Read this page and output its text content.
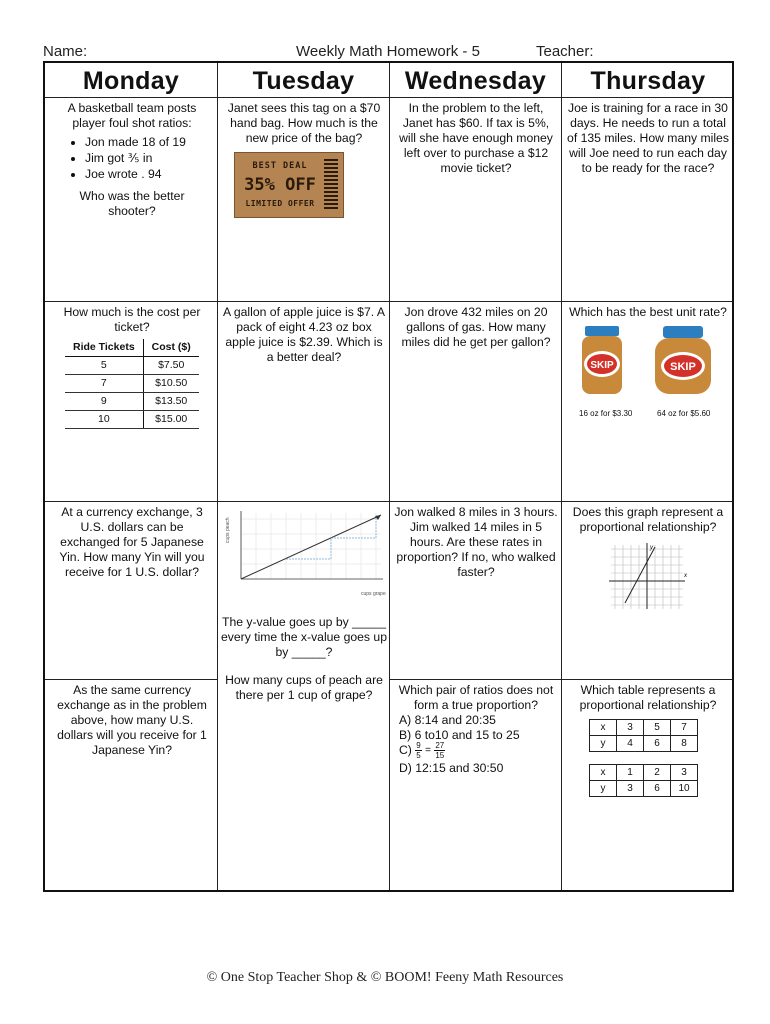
Name:	Weekly Math Homework - 5	Teacher:
Monday	Tuesday	Wednesday	Thursday

A basketball team posts player foul shot ratios:

• Jon made 18 of 19
• Jim got ⅗ in
• Joe wrote . 94

Who was the better shooter?

Janet sees this tag on a $70 hand bag. How much is the new price of the bag?

BEST DEAL
35% OFF
LIMITED OFFER

In the problem to the left, Janet has $60. If tax is 5%, will she have enough money left over to purchase a $12 movie ticket?

Joe is training for a race in 30 days. He needs to run a total of 135 miles. How many miles will Joe need to run each day to be ready for the race?

How much is the cost per ticket?

Ride Tickets	Cost ($)
5	$7.50
7	$10.50
9	$13.50
10	$15.00

A gallon of apple juice is $7. A pack of eight 4.23 oz box apple juice is $2.39. Which is a better deal?

Jon drove 432 miles on 20 gallons of gas. How many miles did he get per gallon?

Which has the best unit rate?

SKIP	SKIP
16 oz for $3.30	64 oz for $5.60

At a currency exchange, 3 U.S. dollars can be exchanged for 5 Japanese Yin. How many Yin will you receive for 1 U.S. dollar?

cups peach
cups grape

The y-value goes up by _____ every time the x-value goes up by _____?

How many cups of peach are there per 1 cup of grape?

Jon walked 8 miles in 3 hours. Jim walked 14 miles in 5 hours. Are these rates in proportion? If no, who walked faster?

Does this graph represent a proportional relationship?

y
x

As the same currency exchange as in the problem above, how many U.S. dollars will you receive for 1 Japanese Yin?

Which pair of ratios does not form a true proportion?

A) 8:14 and 20:35
B) 6 to10 and 15 to 25
$C) \frac{9}{5} = \frac{27}{15}$
D) 12:15 and 30:50

Which table represents a proportional relationship?

x	3	5	7
y	4	6	8
x	1	2	3
y	3	6	10
© One Stop Teacher Shop & © BOOM! Feeny Math Resources
